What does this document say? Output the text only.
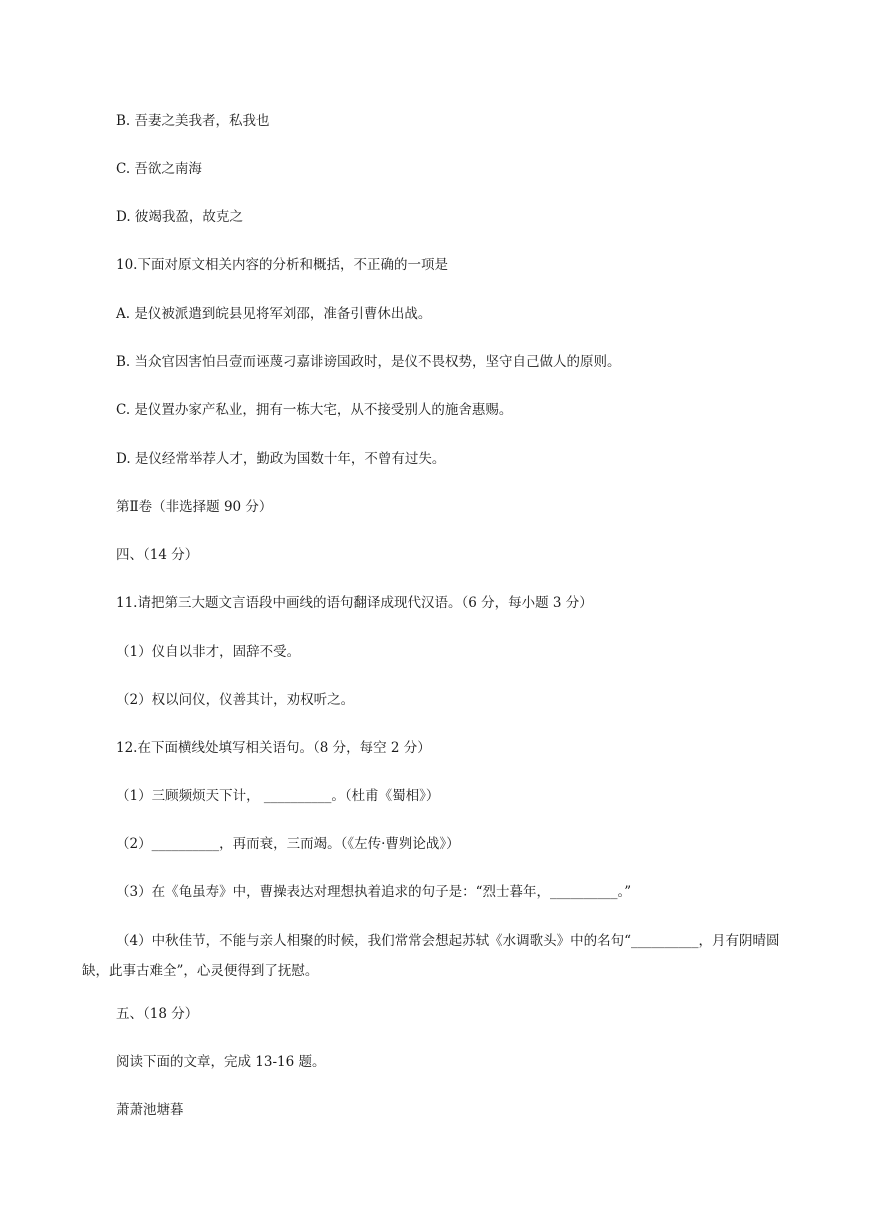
B. 吾妻之美我者，私我也
C. 吾欲之南海
D. 彼竭我盈，故克之
10.下面对原文相关内容的分析和概括，不正确的一项是
A. 是仪被派遣到皖县见将军刘邵，准备引曹休出战。
B. 当众官因害怕吕壹而诬蔑刁嘉诽谤国政时，是仪不畏权势，坚守自己做人的原则。
C. 是仪置办家产私业，拥有一栋大宅，从不接受别人的施舍惠赐。
D. 是仪经常举荐人才，勤政为国数十年，不曾有过失。
第Ⅱ卷（非选择题 90 分）
四、（14 分）
11.请把第三大题文言语段中画线的语句翻译成现代汉语。（6 分，每小题 3 分）
（1）仪自以非才，固辞不受。
（2）权以问仪，仪善其计，劝权听之。
12.在下面横线处填写相关语句。（8 分，每空 2 分）
（1）三顾频烦天下计， __________。（杜甫《蜀相》）
（2）__________，再而衰，三而竭。（《左传·曹刿论战》）
（3）在《龟虽寿》中，曹操表达对理想执着追求的句子是：“烈士暮年，__________。”
（4）中秋佳节，不能与亲人相聚的时候，我们常常会想起苏轼《水调歌头》中的名句“__________，月有阴晴圆缺，此事古难全”，心灵便得到了抚慰。
五、（18 分）
阅读下面的文章，完成 13-16 题。
萧萧池塘暮
